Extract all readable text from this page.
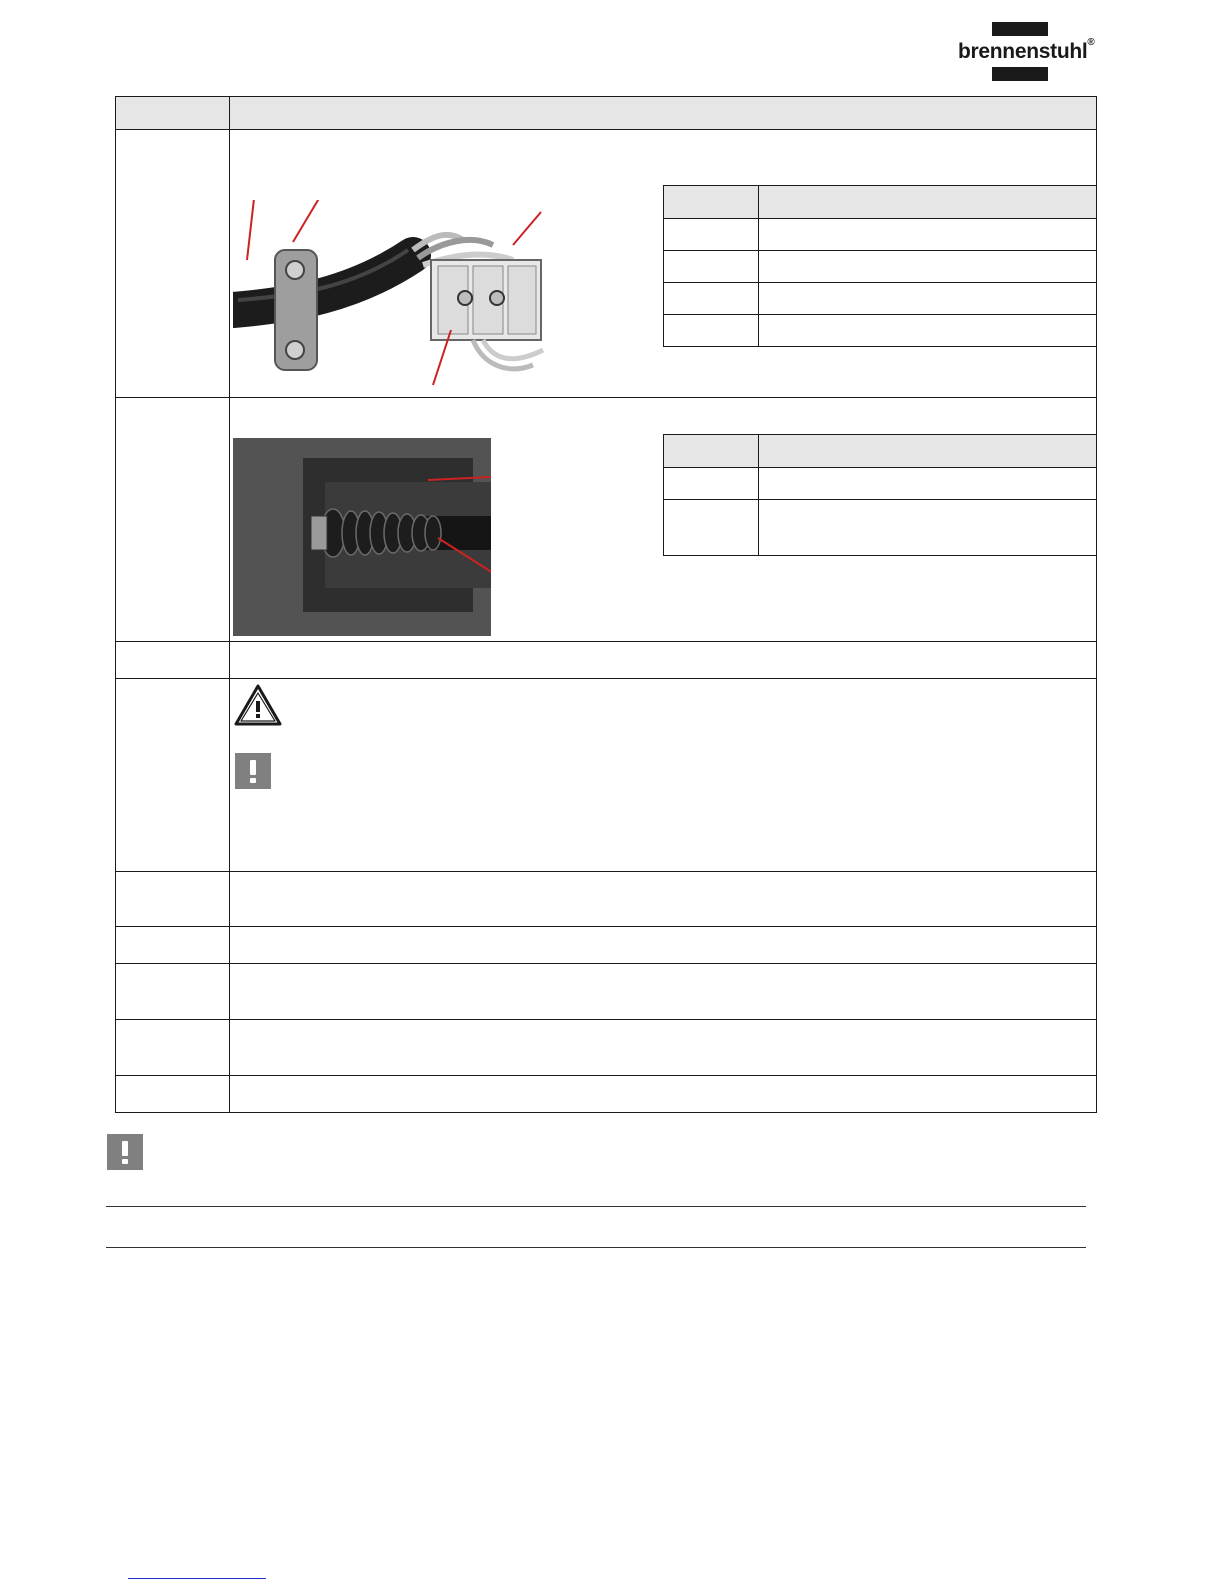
brennenstuhl®
